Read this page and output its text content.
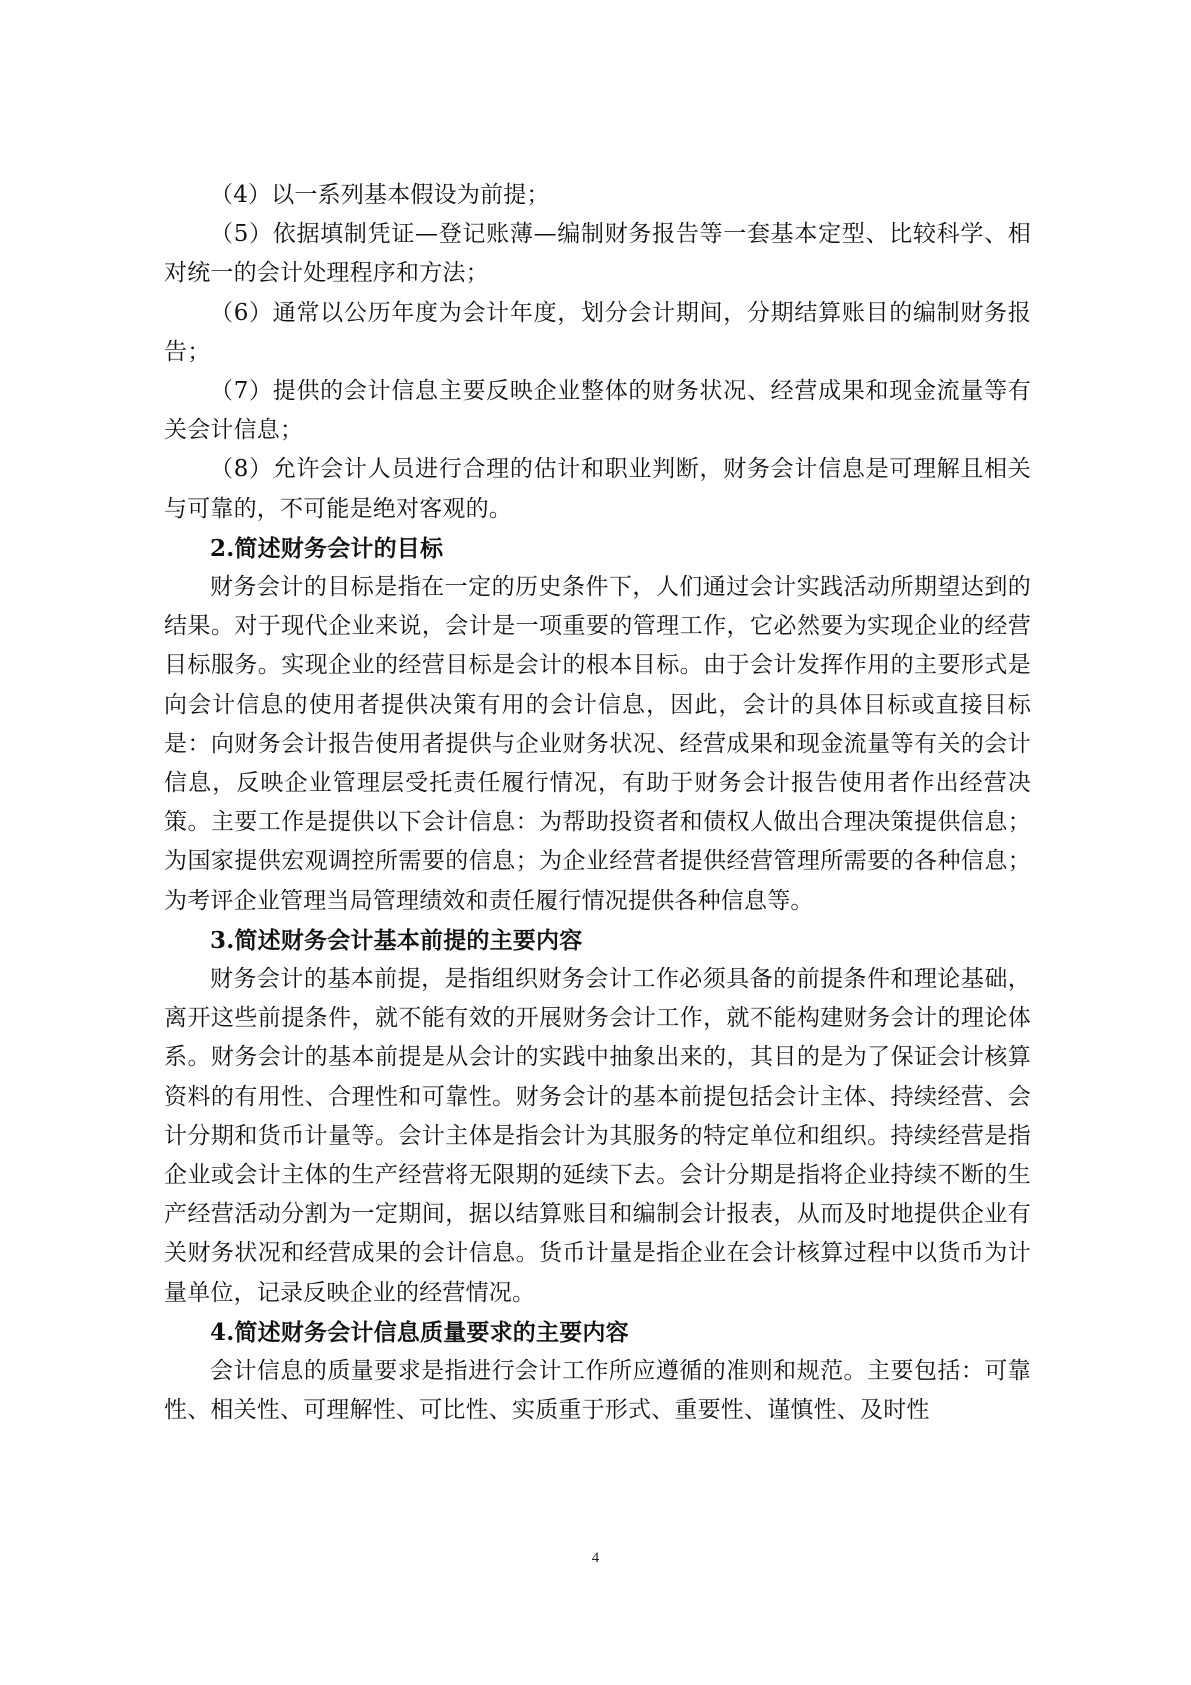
（4）以一系列基本假设为前提；

（5）依据填制凭证—登记账薄—编制财务报告等一套基本定型、比较科学、相对统一的会计处理程序和方法；

（6）通常以公历年度为会计年度，划分会计期间，分期结算账目的编制财务报告；

（7）提供的会计信息主要反映企业整体的财务状况、经营成果和现金流量等有关会计信息；

（8）允许会计人员进行合理的估计和职业判断，财务会计信息是可理解且相关与可靠的，不可能是绝对客观的。

2.简述财务会计的目标

财务会计的目标是指在一定的历史条件下，人们通过会计实践活动所期望达到的结果。对于现代企业来说，会计是一项重要的管理工作，它必然要为实现企业的经营目标服务。实现企业的经营目标是会计的根本目标。由于会计发挥作用的主要形式是向会计信息的使用者提供决策有用的会计信息，因此，会计的具体目标或直接目标是：向财务会计报告使用者提供与企业财务状况、经营成果和现金流量等有关的会计信息，反映企业管理层受托责任履行情况，有助于财务会计报告使用者作出经营决策。主要工作是提供以下会计信息：为帮助投资者和债权人做出合理决策提供信息；为国家提供宏观调控所需要的信息；为企业经营者提供经营管理所需要的各种信息；为考评企业管理当局管理绩效和责任履行情况提供各种信息等。

3.简述财务会计基本前提的主要内容

财务会计的基本前提，是指组织财务会计工作必须具备的前提条件和理论基础，离开这些前提条件，就不能有效的开展财务会计工作，就不能构建财务会计的理论体系。财务会计的基本前提是从会计的实践中抽象出来的，其目的是为了保证会计核算资料的有用性、合理性和可靠性。财务会计的基本前提包括会计主体、持续经营、会计分期和货币计量等。会计主体是指会计为其服务的特定单位和组织。持续经营是指企业或会计主体的生产经营将无限期的延续下去。会计分期是指将企业持续不断的生产经营活动分割为一定期间，据以结算账目和编制会计报表，从而及时地提供企业有关财务状况和经营成果的会计信息。货币计量是指企业在会计核算过程中以货币为计量单位，记录反映企业的经营情况。

4.简述财务会计信息质量要求的主要内容

会计信息的质量要求是指进行会计工作所应遵循的准则和规范。主要包括：可靠性、相关性、可理解性、可比性、实质重于形式、重要性、谨慎性、及时性

4
